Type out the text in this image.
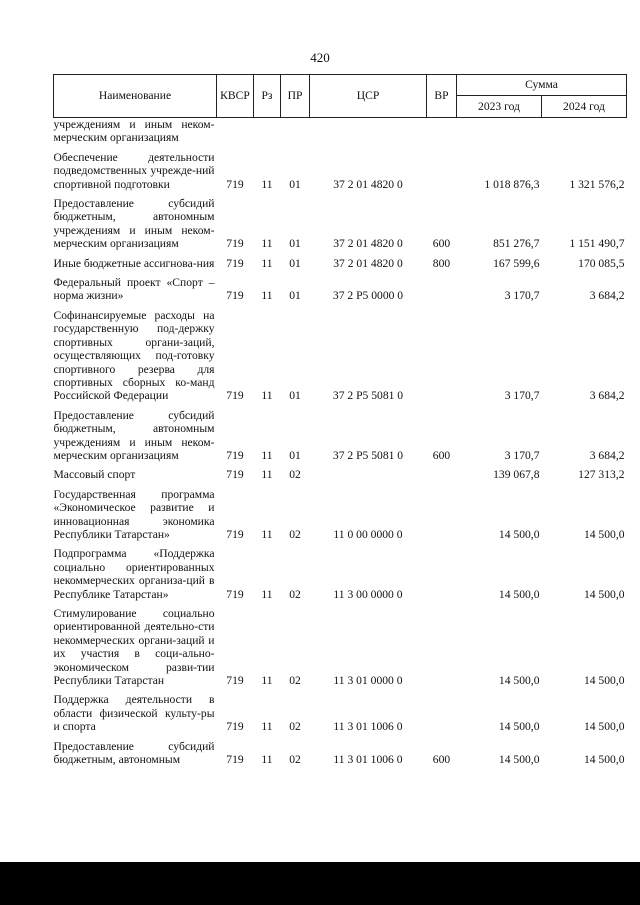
420
Наименование	КВСР	Рз	ПР	ЦСР	ВР	Сумма	
						2023 год	2024 год
учреждениям и иным неком-мерческим организациям							
Обеспечение деятельности подведомственных учрежде-ний спортивной подготовки	719	11	01	37 2 01 4820 0		1 018 876,3	1 321 576,2
Предоставление субсидий бюджетным, автономным учреждениям и иным неком-мерческим организациям	719	11	01	37 2 01 4820 0	600	851 276,7	1 151 490,7
Иные бюджетные ассигнова-ния	719	11	01	37 2 01 4820 0	800	167 599,6	170 085,5
Федеральный проект «Спорт – норма жизни»	719	11	01	37 2 P5 0000 0		3 170,7	3 684,2
Софинансируемые расходы на государственную под-держку спортивных органи-заций, осуществляющих под-готовку спортивного резерва для спортивных сборных ко-манд Российской Федерации	719	11	01	37 2 P5 5081 0		3 170,7	3 684,2
Предоставление субсидий бюджетным, автономным учреждениям и иным неком-мерческим организациям	719	11	01	37 2 P5 5081 0	600	3 170,7	3 684,2
Массовый спорт	719	11	02			139 067,8	127 313,2
Государственная программа «Экономическое развитие и инновационная экономика Республики Татарстан»	719	11	02	11 0 00 0000 0		14 500,0	14 500,0
Подпрограмма «Поддержка социально ориентированных некоммерческих организа-ций в Республике Татарстан»	719	11	02	11 3 00 0000 0		14 500,0	14 500,0
Стимулирование социально ориентированной деятельно-сти некоммерческих органи-заций и их участия в соци-ально-экономическом разви-тии Республики Татарстан	719	11	02	11 3 01 0000 0		14 500,0	14 500,0
Поддержка деятельности в области физической культу-ры и спорта	719	11	02	11 3 01 1006 0		14 500,0	14 500,0
Предоставление субсидий бюджетным, автономным	719	11	02	11 3 01 1006 0	600	14 500,0	14 500,0
